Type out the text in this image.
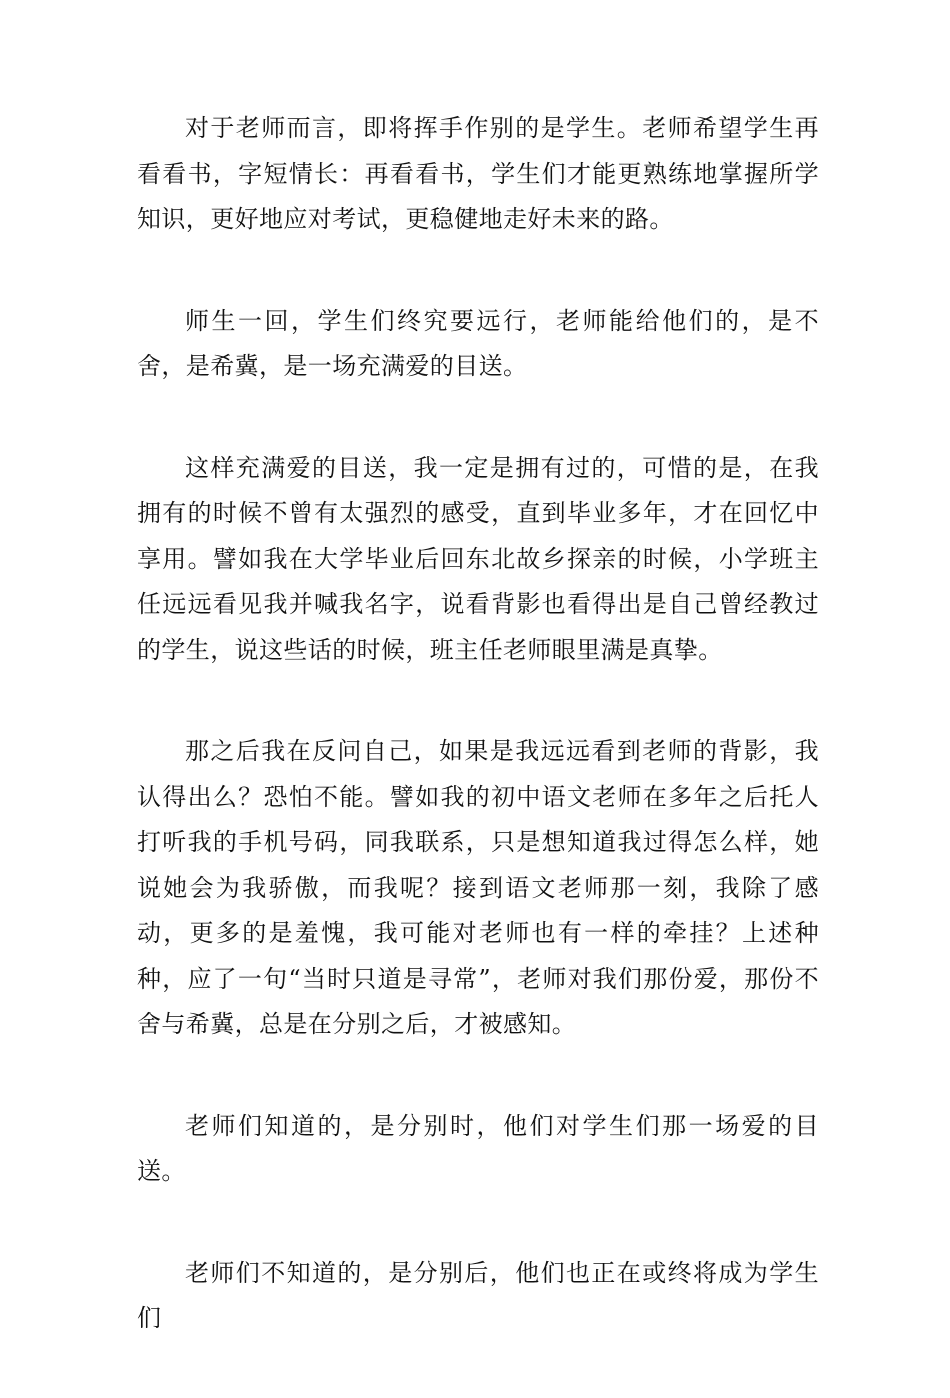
对于老师而言，即将挥手作别的是学生。老师希望学生再看看书，字短情长：再看看书，学生们才能更熟练地掌握所学知识，更好地应对考试，更稳健地走好未来的路。

师生一回，学生们终究要远行，老师能给他们的，是不舍，是希冀，是一场充满爱的目送。

这样充满爱的目送，我一定是拥有过的，可惜的是，在我拥有的时候不曾有太强烈的感受，直到毕业多年，才在回忆中享用。譬如我在大学毕业后回东北故乡探亲的时候，小学班主任远远看见我并喊我名字，说看背影也看得出是自己曾经教过的学生，说这些话的时候，班主任老师眼里满是真挚。

那之后我在反问自己，如果是我远远看到老师的背影，我认得出么？恐怕不能。譬如我的初中语文老师在多年之后托人打听我的手机号码，同我联系，只是想知道我过得怎么样，她说她会为我骄傲，而我呢？接到语文老师那一刻，我除了感动，更多的是羞愧，我可能对老师也有一样的牵挂？上述种种，应了一句“当时只道是寻常”，老师对我们那份爱，那份不舍与希冀，总是在分别之后，才被感知。

老师们知道的，是分别时，他们对学生们那一场爱的目送。

老师们不知道的，是分别后，他们也正在或终将成为学生们
